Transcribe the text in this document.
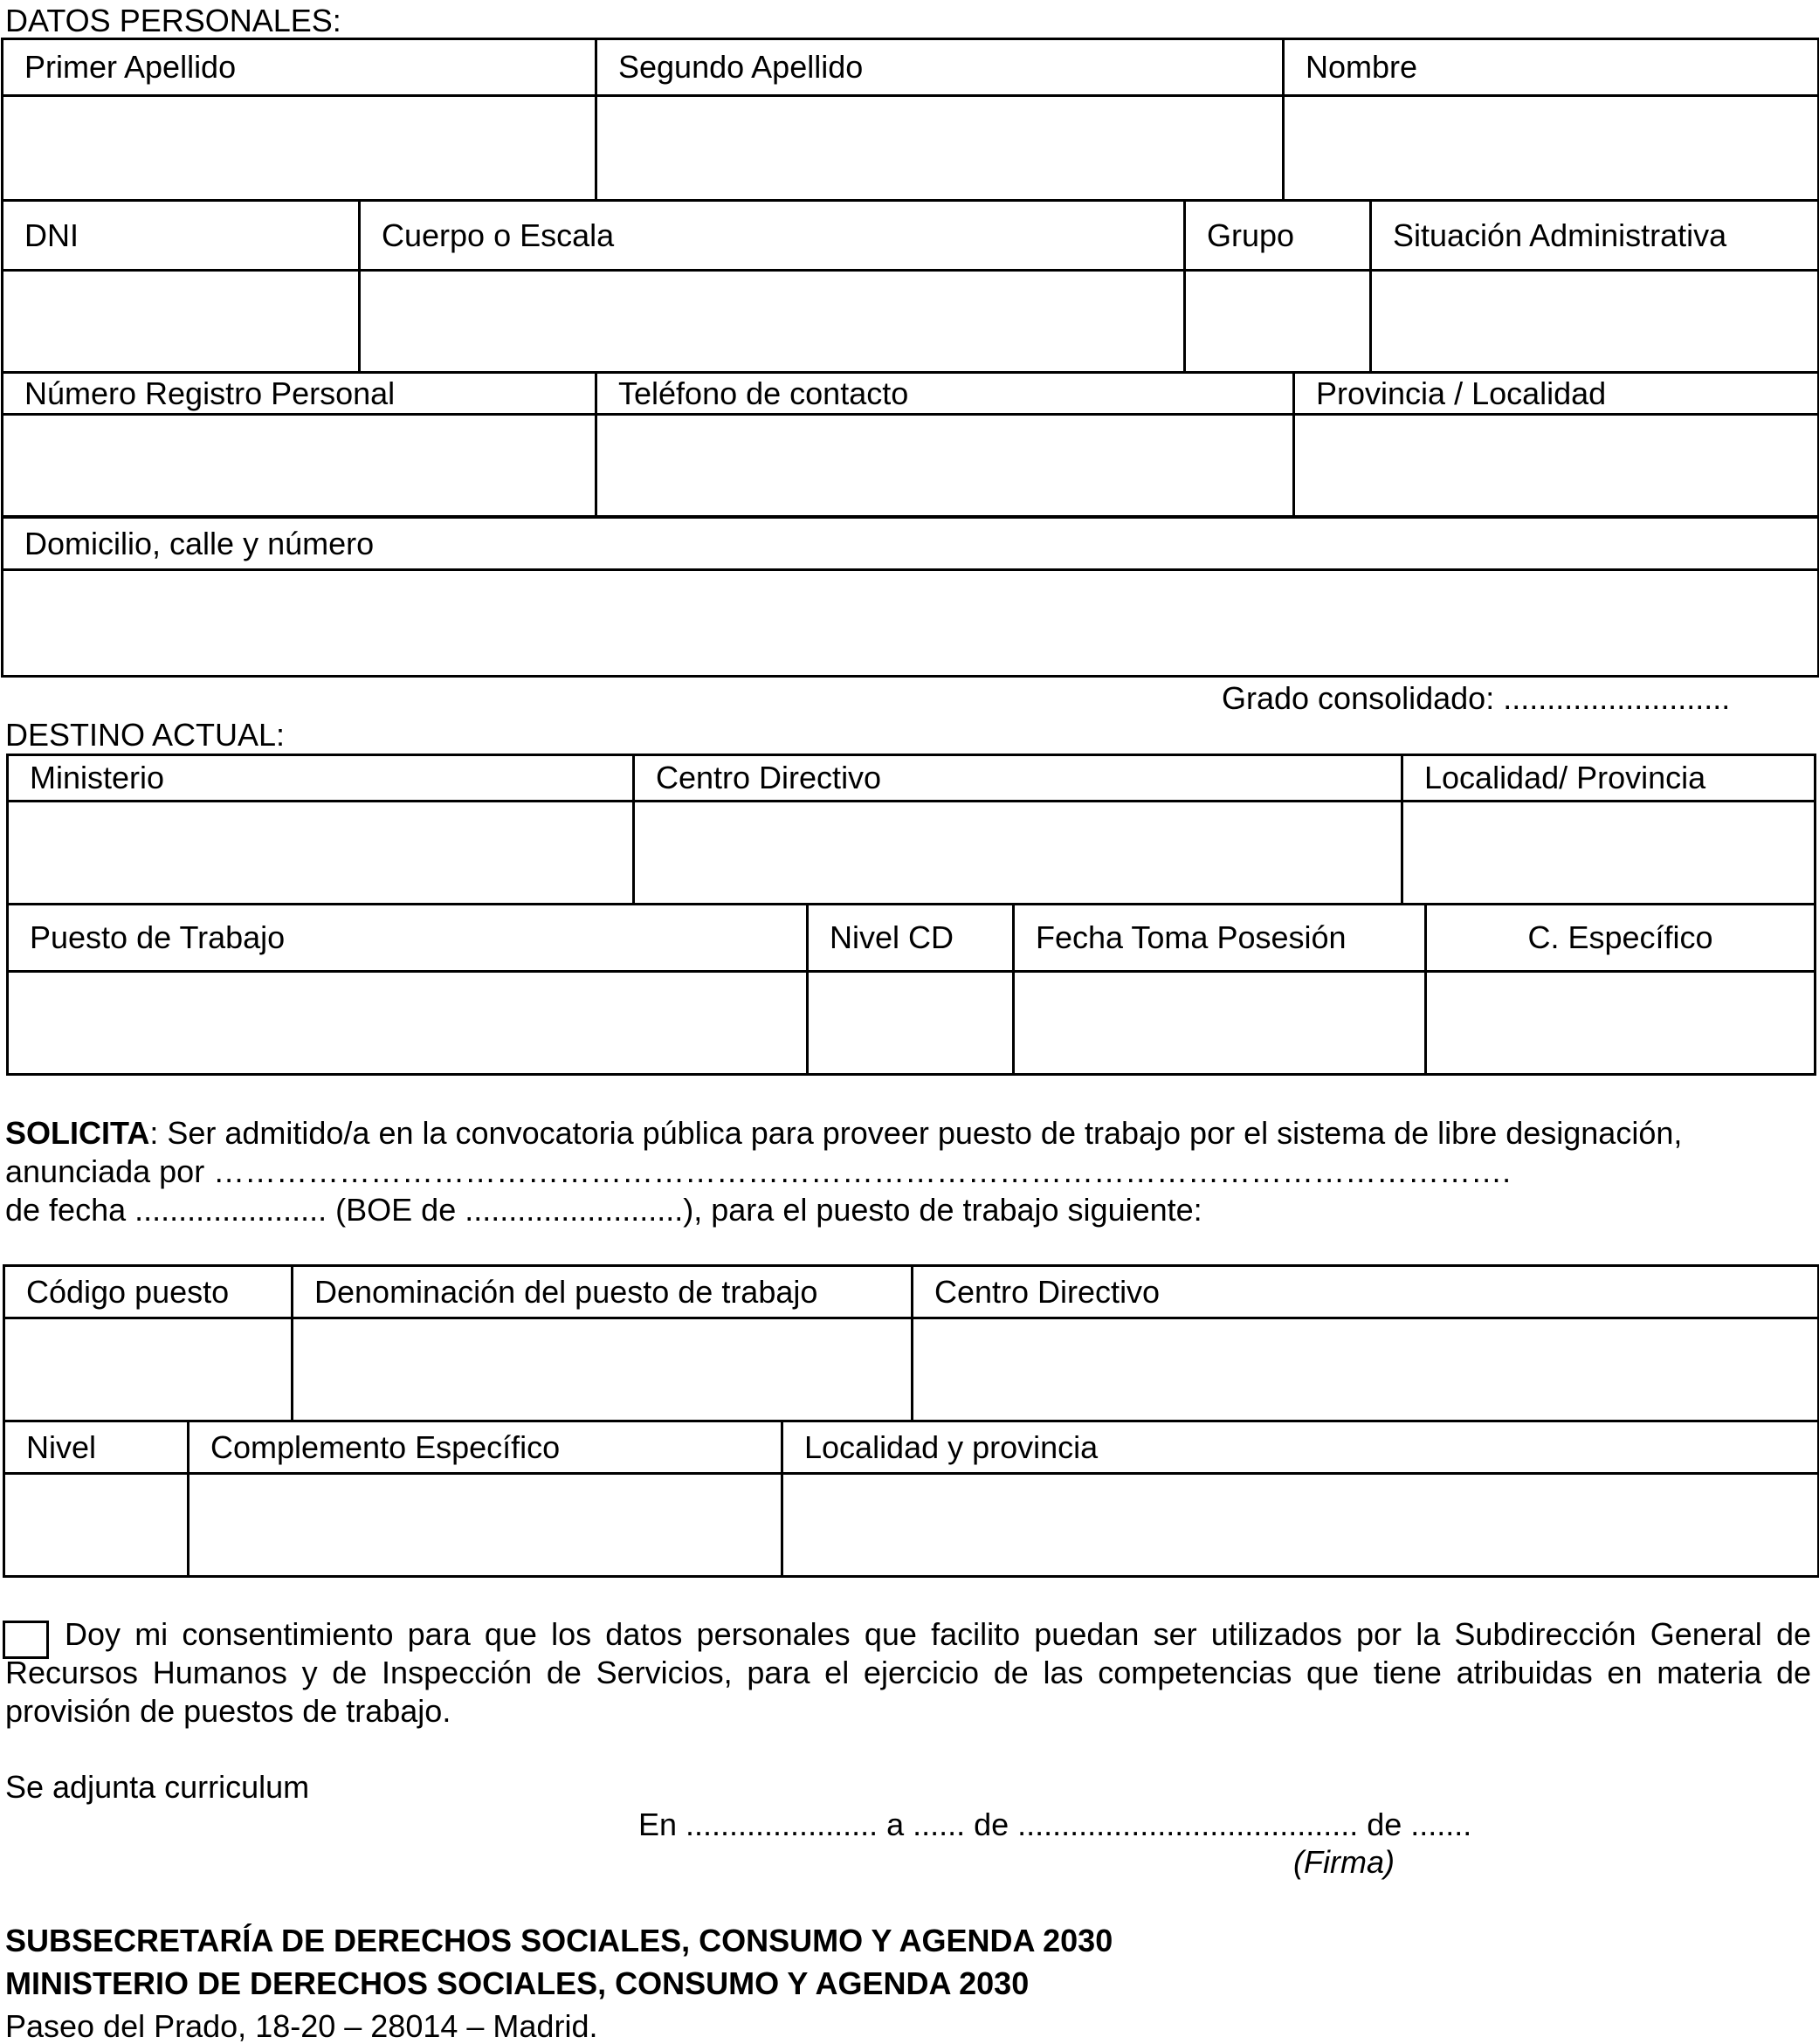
DATOS PERSONALES:
Primer Apellido	Segundo Apellido	Nombre

DNI	Cuerpo o Escala	Grupo	Situación Administrativa

Número Registro Personal	Teléfono de contacto	Provincia / Localidad

Domicilio, calle y número

Grado consolidado: ..........................
DESTINO ACTUAL:
Ministerio	Centro Directivo	Localidad/ Provincia

Puesto de Trabajo	Nivel CD	Fecha Toma Posesión	C. Específico

SOLICITA: Ser admitido/a en la convocatoria pública para proveer puesto de trabajo por el sistema de libre designación,
anunciada por …………………………………………………………………………………………………………….
de fecha ...................... (BOE de .........................), para el puesto de trabajo siguiente:
Código puesto	Denominación del puesto de trabajo	Centro Directivo

Nivel	Complemento Específico	Localidad y provincia

Doy mi consentimiento para que los datos personales que facilito puedan ser utilizados por la Subdirección General de Recursos Humanos y de Inspección de Servicios, para el ejercicio de las competencias que tiene atribuidas en materia de provisión de puestos de trabajo.
Se adjunta curriculum
En ...................... a ...... de ....................................... de .......
(Firma)
SUBSECRETARÍA DE DERECHOS SOCIALES, CONSUMO Y AGENDA 2030
MINISTERIO DE DERECHOS SOCIALES, CONSUMO Y AGENDA 2030
Paseo del Prado, 18-20 – 28014 – Madrid.
